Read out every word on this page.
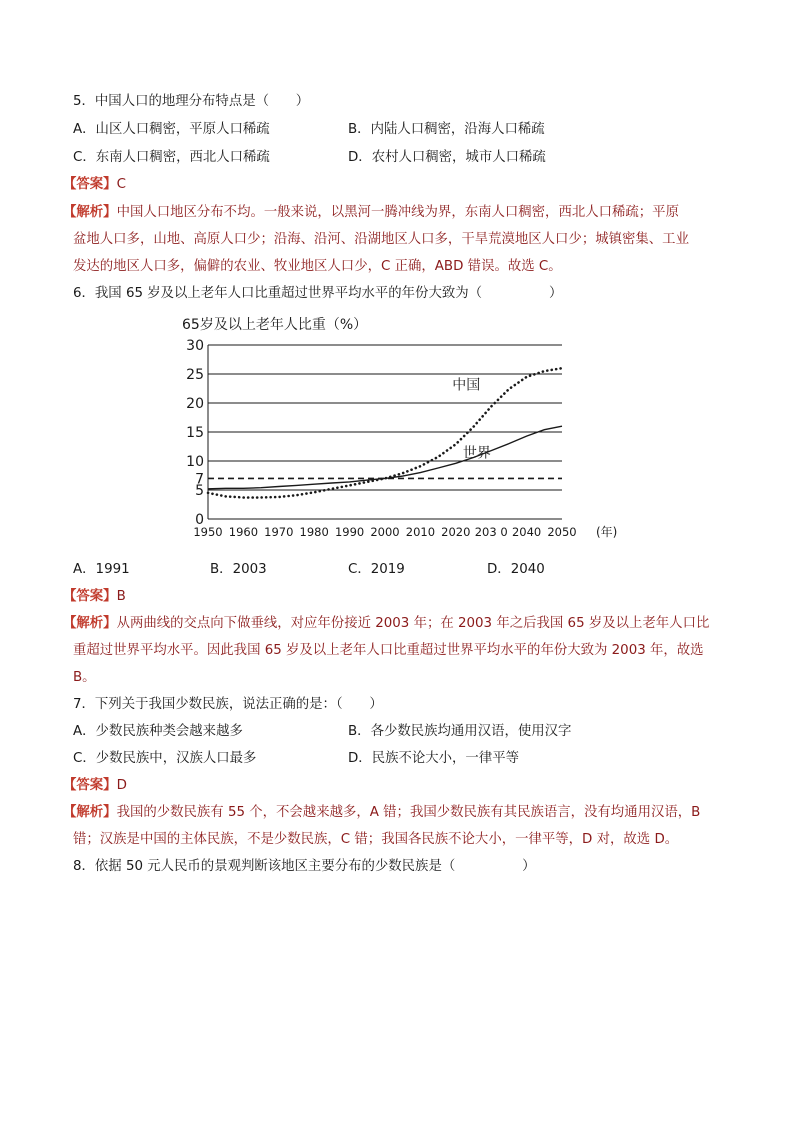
5．中国人口的地理分布特点是（　　）
A．山区人口稠密，平原人口稀疏	B．内陆人口稠密，沿海人口稀疏
C．东南人口稠密，西北人口稀疏	D．农村人口稠密，城市人口稀疏
【答案】C
【解析】中国人口地区分布不均。一般来说，以黑河一腾冲线为界，东南人口稠密，西北人口稀疏；平原
盆地人口多，山地、高原人口少；沿海、沿河、沿湖地区人口多，干旱荒漠地区人口少；城镇密集、工业
发达的地区人口多，偏僻的农业、牧业地区人口少，C 正确，ABD 错误。故选 C。
6．我国 65 岁及以上老年人口比重超过世界平均水平的年份大致为（　　　　　）
65岁及以上老年人比重（%）
30
25
20
15
10
7
5
0
1950 1960 1970 1980 1990 2000 2010 2020 203 0 2040 2050
中国
世界
(年)
A．1991	B．2003	C．2019	D．2040
【答案】B
【解析】从两曲线的交点向下做垂线，对应年份接近 2003 年；在 2003 年之后我国 65 岁及以上老年人口比
重超过世界平均水平。因此我国 65 岁及以上老年人口比重超过世界平均水平的年份大致为 2003 年，故选
B。
7．下列关于我国少数民族，说法正确的是：（　　）
A．少数民族种类会越来越多	B．各少数民族均通用汉语，使用汉字
C．少数民族中，汉族人口最多	D．民族不论大小，一律平等
【答案】D
【解析】我国的少数民族有 55 个，不会越来越多，A 错；我国少数民族有其民族语言，没有均通用汉语，B
错；汉族是中国的主体民族，不是少数民族，C 错；我国各民族不论大小，一律平等，D 对，故选 D。
8．依据 50 元人民币的景观判断该地区主要分布的少数民族是（　　　　　）
